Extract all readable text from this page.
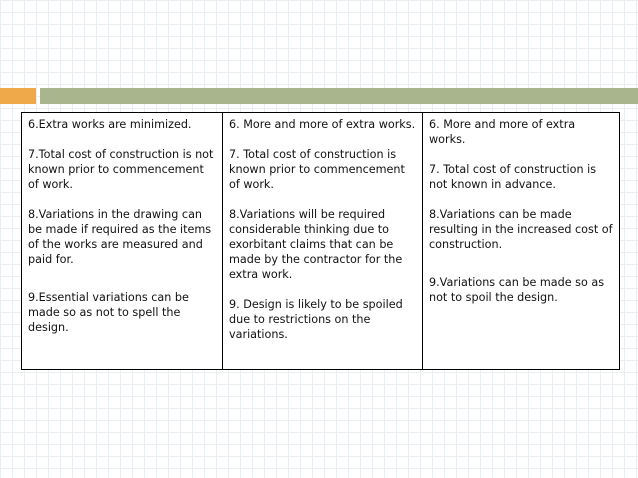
6.Extra works are minimized.
7.Total cost of construction is not known prior to commencement of work.
8.Variations in the drawing can be made if required as the items of the works are measured and paid for.
9.Essential variations can be made so as not to spell the design.
6. More and more of extra works.
7. Total cost of construction is known prior to commencement of work.
8.Variations will be required considerable thinking due to exorbitant claims that can be made by the contractor for the extra work.
9. Design is likely to be spoiled due to restrictions on the variations.
6. More and more of extra works.
7. Total cost of construction is not known in advance.
8.Variations can be made resulting in the increased cost of construction.
9.Variations can be made so as not to spoil the design.
